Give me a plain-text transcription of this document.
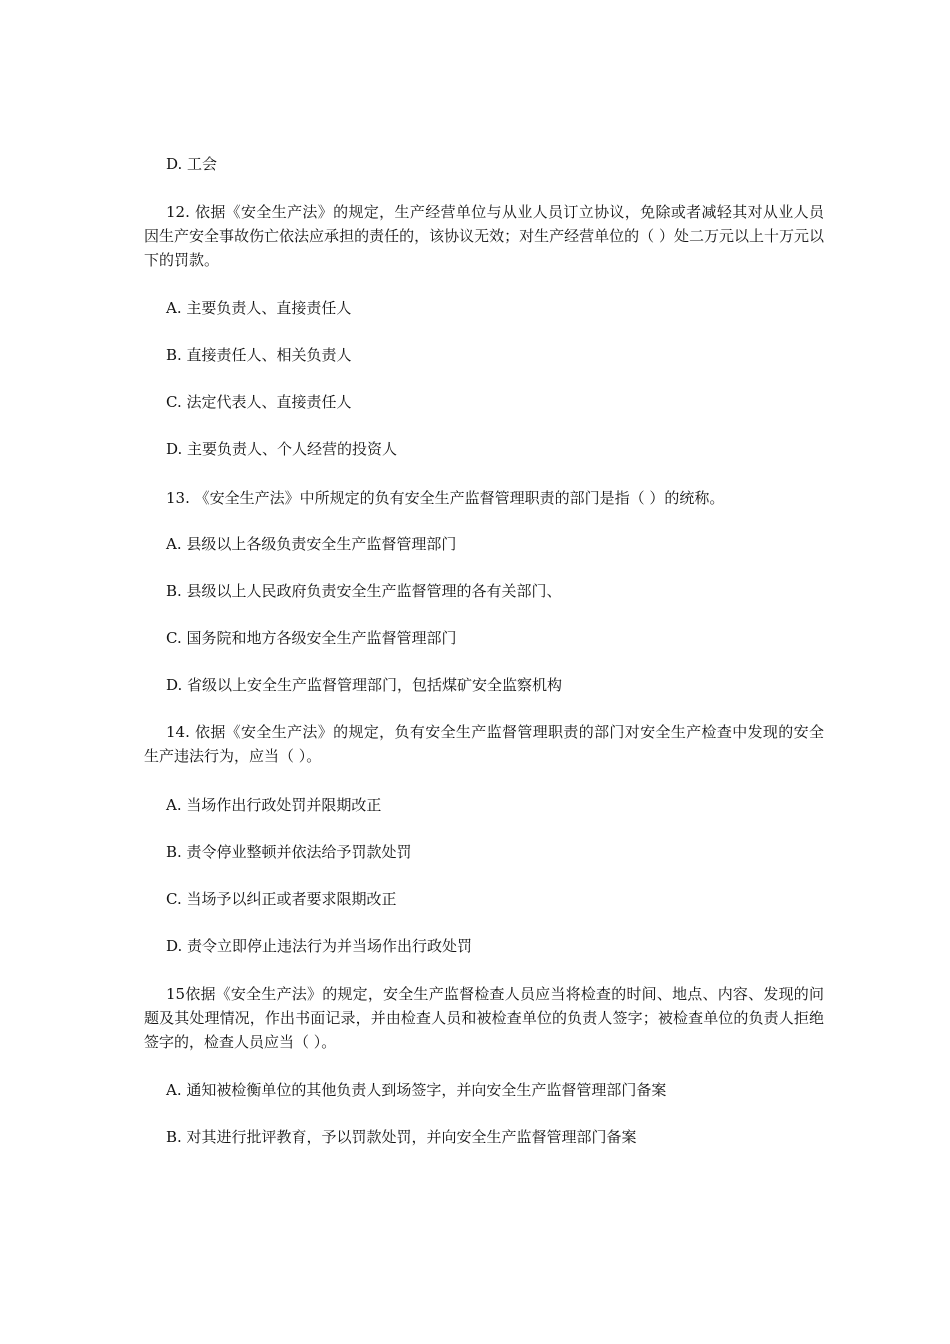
D. 工会
12. 依据《安全生产法》的规定，生产经营单位与从业人员订立协议，免除或者减轻其对从业人员因生产安全事故伤亡依法应承担的责任的，该协议无效；对生产经营单位的（ ）处二万元以上十万元以下的罚款。
A. 主要负责人、直接责任人
B. 直接责任人、相关负责人
C. 法定代表人、直接责任人
D. 主要负责人、个人经营的投资人
13. 《安全生产法》中所规定的负有安全生产监督管理职责的部门是指（ ）的统称。
A. 县级以上各级负责安全生产监督管理部门
B. 县级以上人民政府负责安全生产监督管理的各有关部门、
C. 国务院和地方各级安全生产监督管理部门
D. 省级以上安全生产监督管理部门，包括煤矿安全监察机构
14. 依据《安全生产法》的规定，负有安全生产监督管理职责的部门对安全生产检查中发现的安全生产违法行为，应当（ ）。
A. 当场作出行政处罚并限期改正
B. 责令停业整顿并依法给予罚款处罚
C. 当场予以纠正或者要求限期改正
D. 责令立即停止违法行为并当场作出行政处罚
15依据《安全生产法》的规定，安全生产监督检查人员应当将检查的时间、地点、内容、发现的问题及其处理情况，作出书面记录，并由检查人员和被检查单位的负责人签字；被检查单位的负责人拒绝签字的，检查人员应当（ ）。
A. 通知被检衡单位的其他负责人到场签字，并向安全生产监督管理部门备案
B. 对其进行批评教育，予以罚款处罚，并向安全生产监督管理部门备案
